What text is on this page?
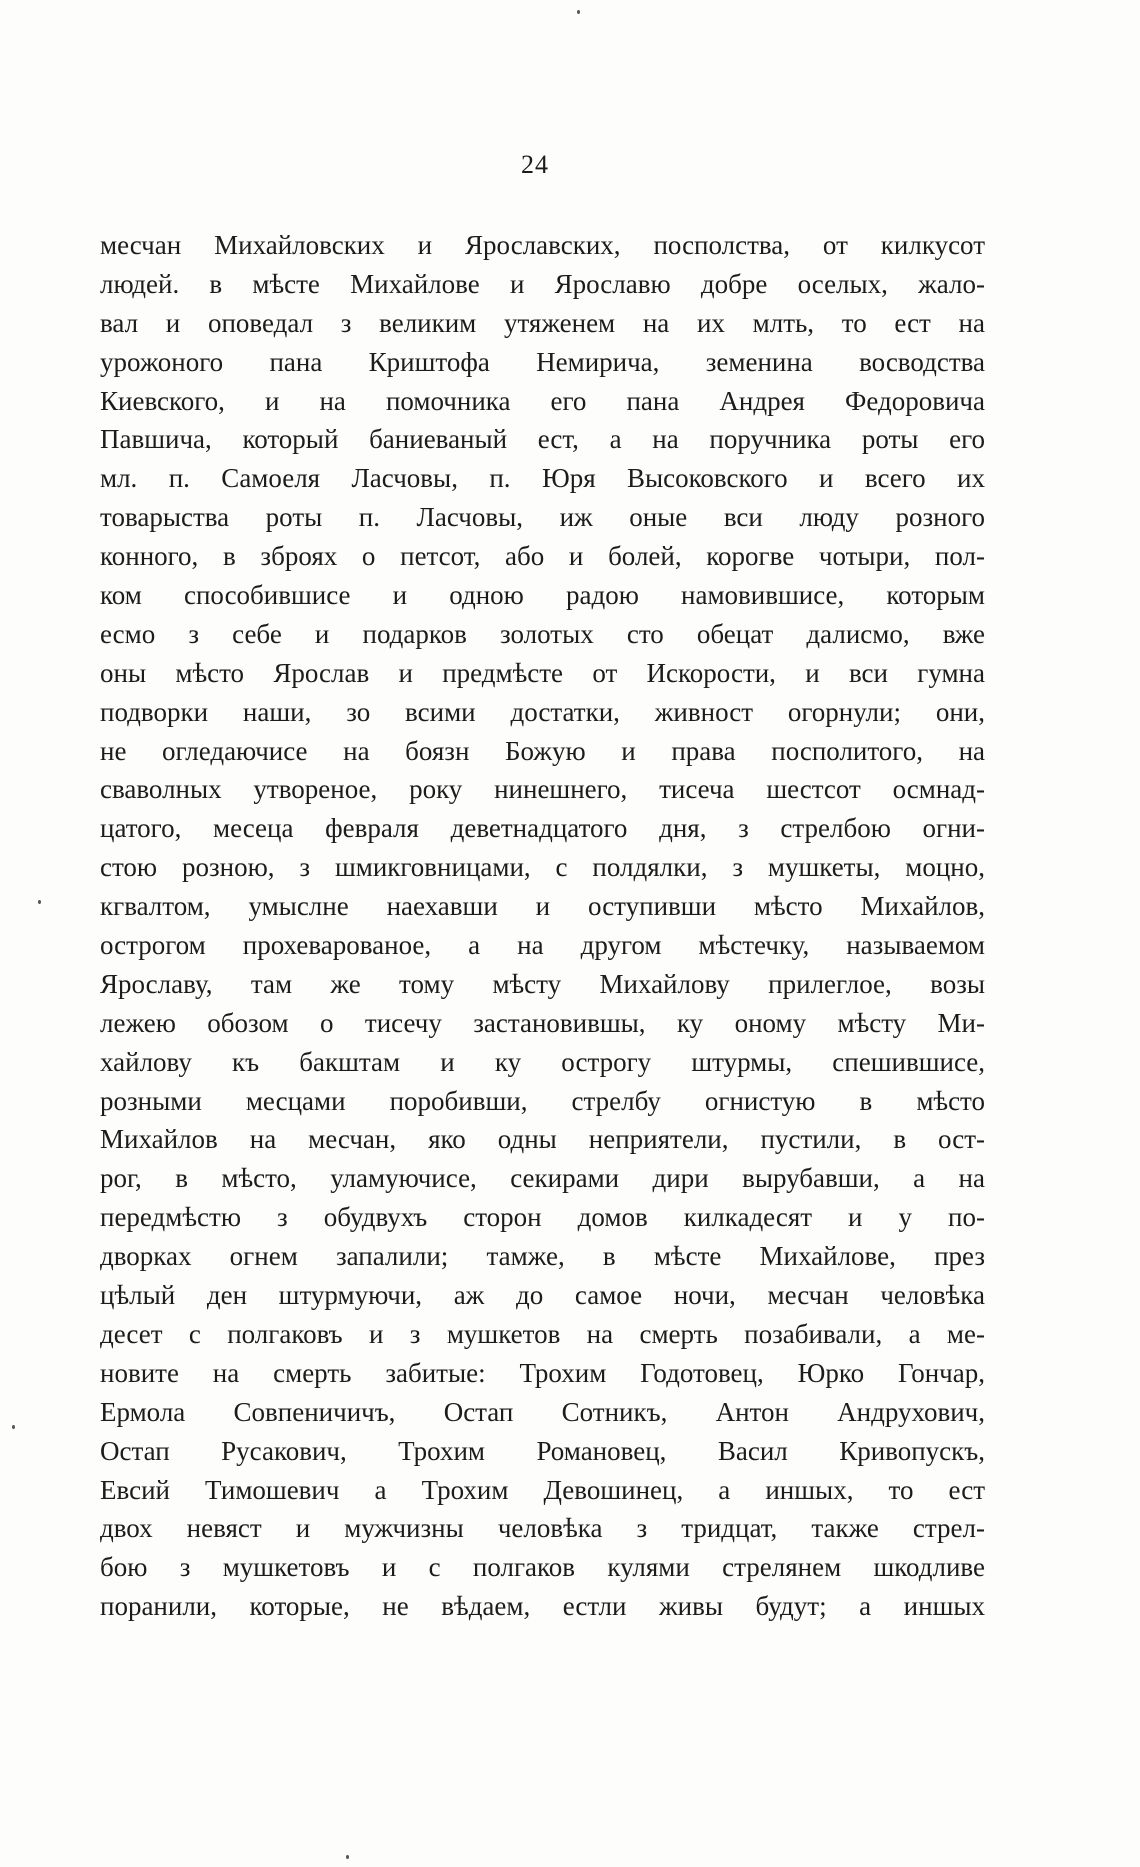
24
месчан Михайловских и Ярославских, посполства, от килкусот
людей. в мѣсте Михайлове и Ярославю добре оселых, жало-
вал и оповедал з великим утяженем на их млть, то ест на
урожоного пана Криштофа Немирича, земенина восводства
Киевского, и на помочника его пана Андрея Федоровича
Павшича, который баниеваный ест, а на поручника роты его
мл. п. Самоеля Ласчовы, п. Юря Высоковского и всего их
товарыства роты п. Ласчовы, иж оные вси люду розного
конного, в зброях о петсот, або и болей, корогве чотыри, пол-
ком способившисе и одною радою намовившисе, которым
есмо з себе и подарков золотых сто обецат далисмо, вже
оны мѣсто Ярослав и предмѣсте от Искорости, и вси гумна
подворки наши, зо всими достатки, живност огорнули; они,
не огледаючисе на боязн Божую и права посполитого, на
сваволных утвореное, року нинешнего, тисеча шестсот осмнад-
цатого, месеца февраля деветнадцатого дня, з стрелбою огни-
стою розною, з шмикговницами, с полдялки, з мушкеты, моцно,
кгвалтом, умыслне наехавши и оступивши мѣсто Михайлов,
острогом прохеварованое, а на другом мѣстечку, называемом
Ярославу, там же тому мѣсту Михайлову прилеглое, возы
лежею обозом о тисечу застановившы, ку оному мѣсту Ми-
хайлову къ бакштам и ку острогу штурмы, спешившисе,
розными месцами поробивши, стрелбу огнистую в мѣсто
Михайлов на месчан, яко одны неприятели, пустили, в ост-
рог, в мѣсто, уламуючисе, секирами дири вырубавши, а на
передмѣстю з обудвухъ сторон домов килкадесят и у по-
дворках огнем запалили; тамже, в мѣсте Михайлове, през
цѣлый ден штурмуючи, аж до самое ночи, месчан человѣка
десет с полгаковъ и з мушкетов на смерть позабивали, а ме-
новите на смерть забитые: Трохим Годотовец, Юрко Гончар,
Ермола Совпеничичъ, Остап Сотникъ, Антон Андрухович,
Остап Русакович, Трохим Романовец, Васил Кривопускъ,
Евсий Тимошевич а Трохим Девошинец, а иншых, то ест
двох невяст и мужчизны человѣка з тридцат, также стрел-
бою з мушкетовъ и с полгаков кулями стрелянем шкодливе
поранили, которые, не вѣдаем, естли живы будут; а иншых
